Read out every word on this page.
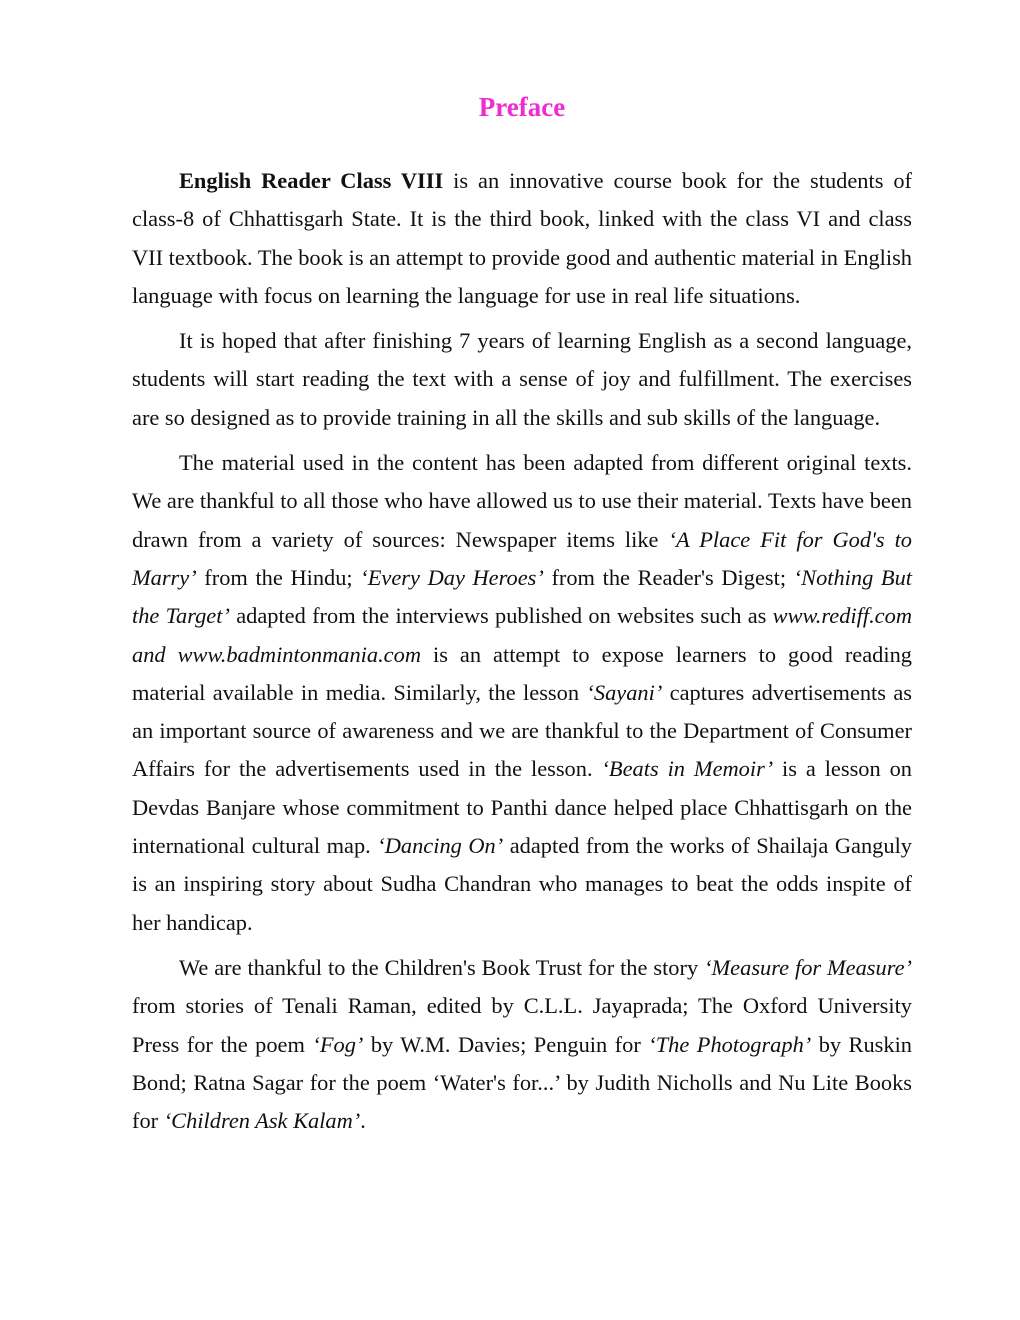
Preface

English Reader Class VIII is an innovative course book for the students of class-8 of Chhattisgarh State. It is the third book, linked with the class VI and class VII textbook. The book is an attempt to provide good and authentic material in English language with focus on learning the language for use in real life situations.

It is hoped that after finishing 7 years of learning English as a second language, students will start reading the text with a sense of joy and fulfillment. The exercises are so designed as to provide training in all the skills and sub skills of the language.

The material used in the content has been adapted from different original texts. We are thankful to all those who have allowed us to use their material. Texts have been drawn from a variety of sources: Newspaper items like ‘A Place Fit for God's to Marry’ from the Hindu; ‘Every Day Heroes’ from the Reader's Digest; ‘Nothing But the Target’ adapted from the interviews published on websites such as www.rediff.com and www.badmintonmania.com is an attempt to expose learners to good reading material available in media. Similarly, the lesson ‘Sayani’ captures advertisements as an important source of awareness and we are thankful to the Department of Consumer Affairs for the advertisements used in the lesson. ‘Beats in Memoir’ is a lesson on Devdas Banjare whose commitment to Panthi dance helped place Chhattisgarh on the international cultural map. ‘Dancing On’ adapted from the works of Shailaja Ganguly is an inspiring story about Sudha Chandran who manages to beat the odds inspite of her handicap.

We are thankful to the Children's Book Trust for the story ‘Measure for Measure’ from stories of Tenali Raman, edited by C.L.L. Jayaprada; The Oxford University Press for the poem ‘Fog’ by W.M. Davies; Penguin for ‘The Photograph’ by Ruskin Bond; Ratna Sagar for the poem ‘Water's for...’ by Judith Nicholls and Nu Lite Books for ‘Children Ask Kalam’.
